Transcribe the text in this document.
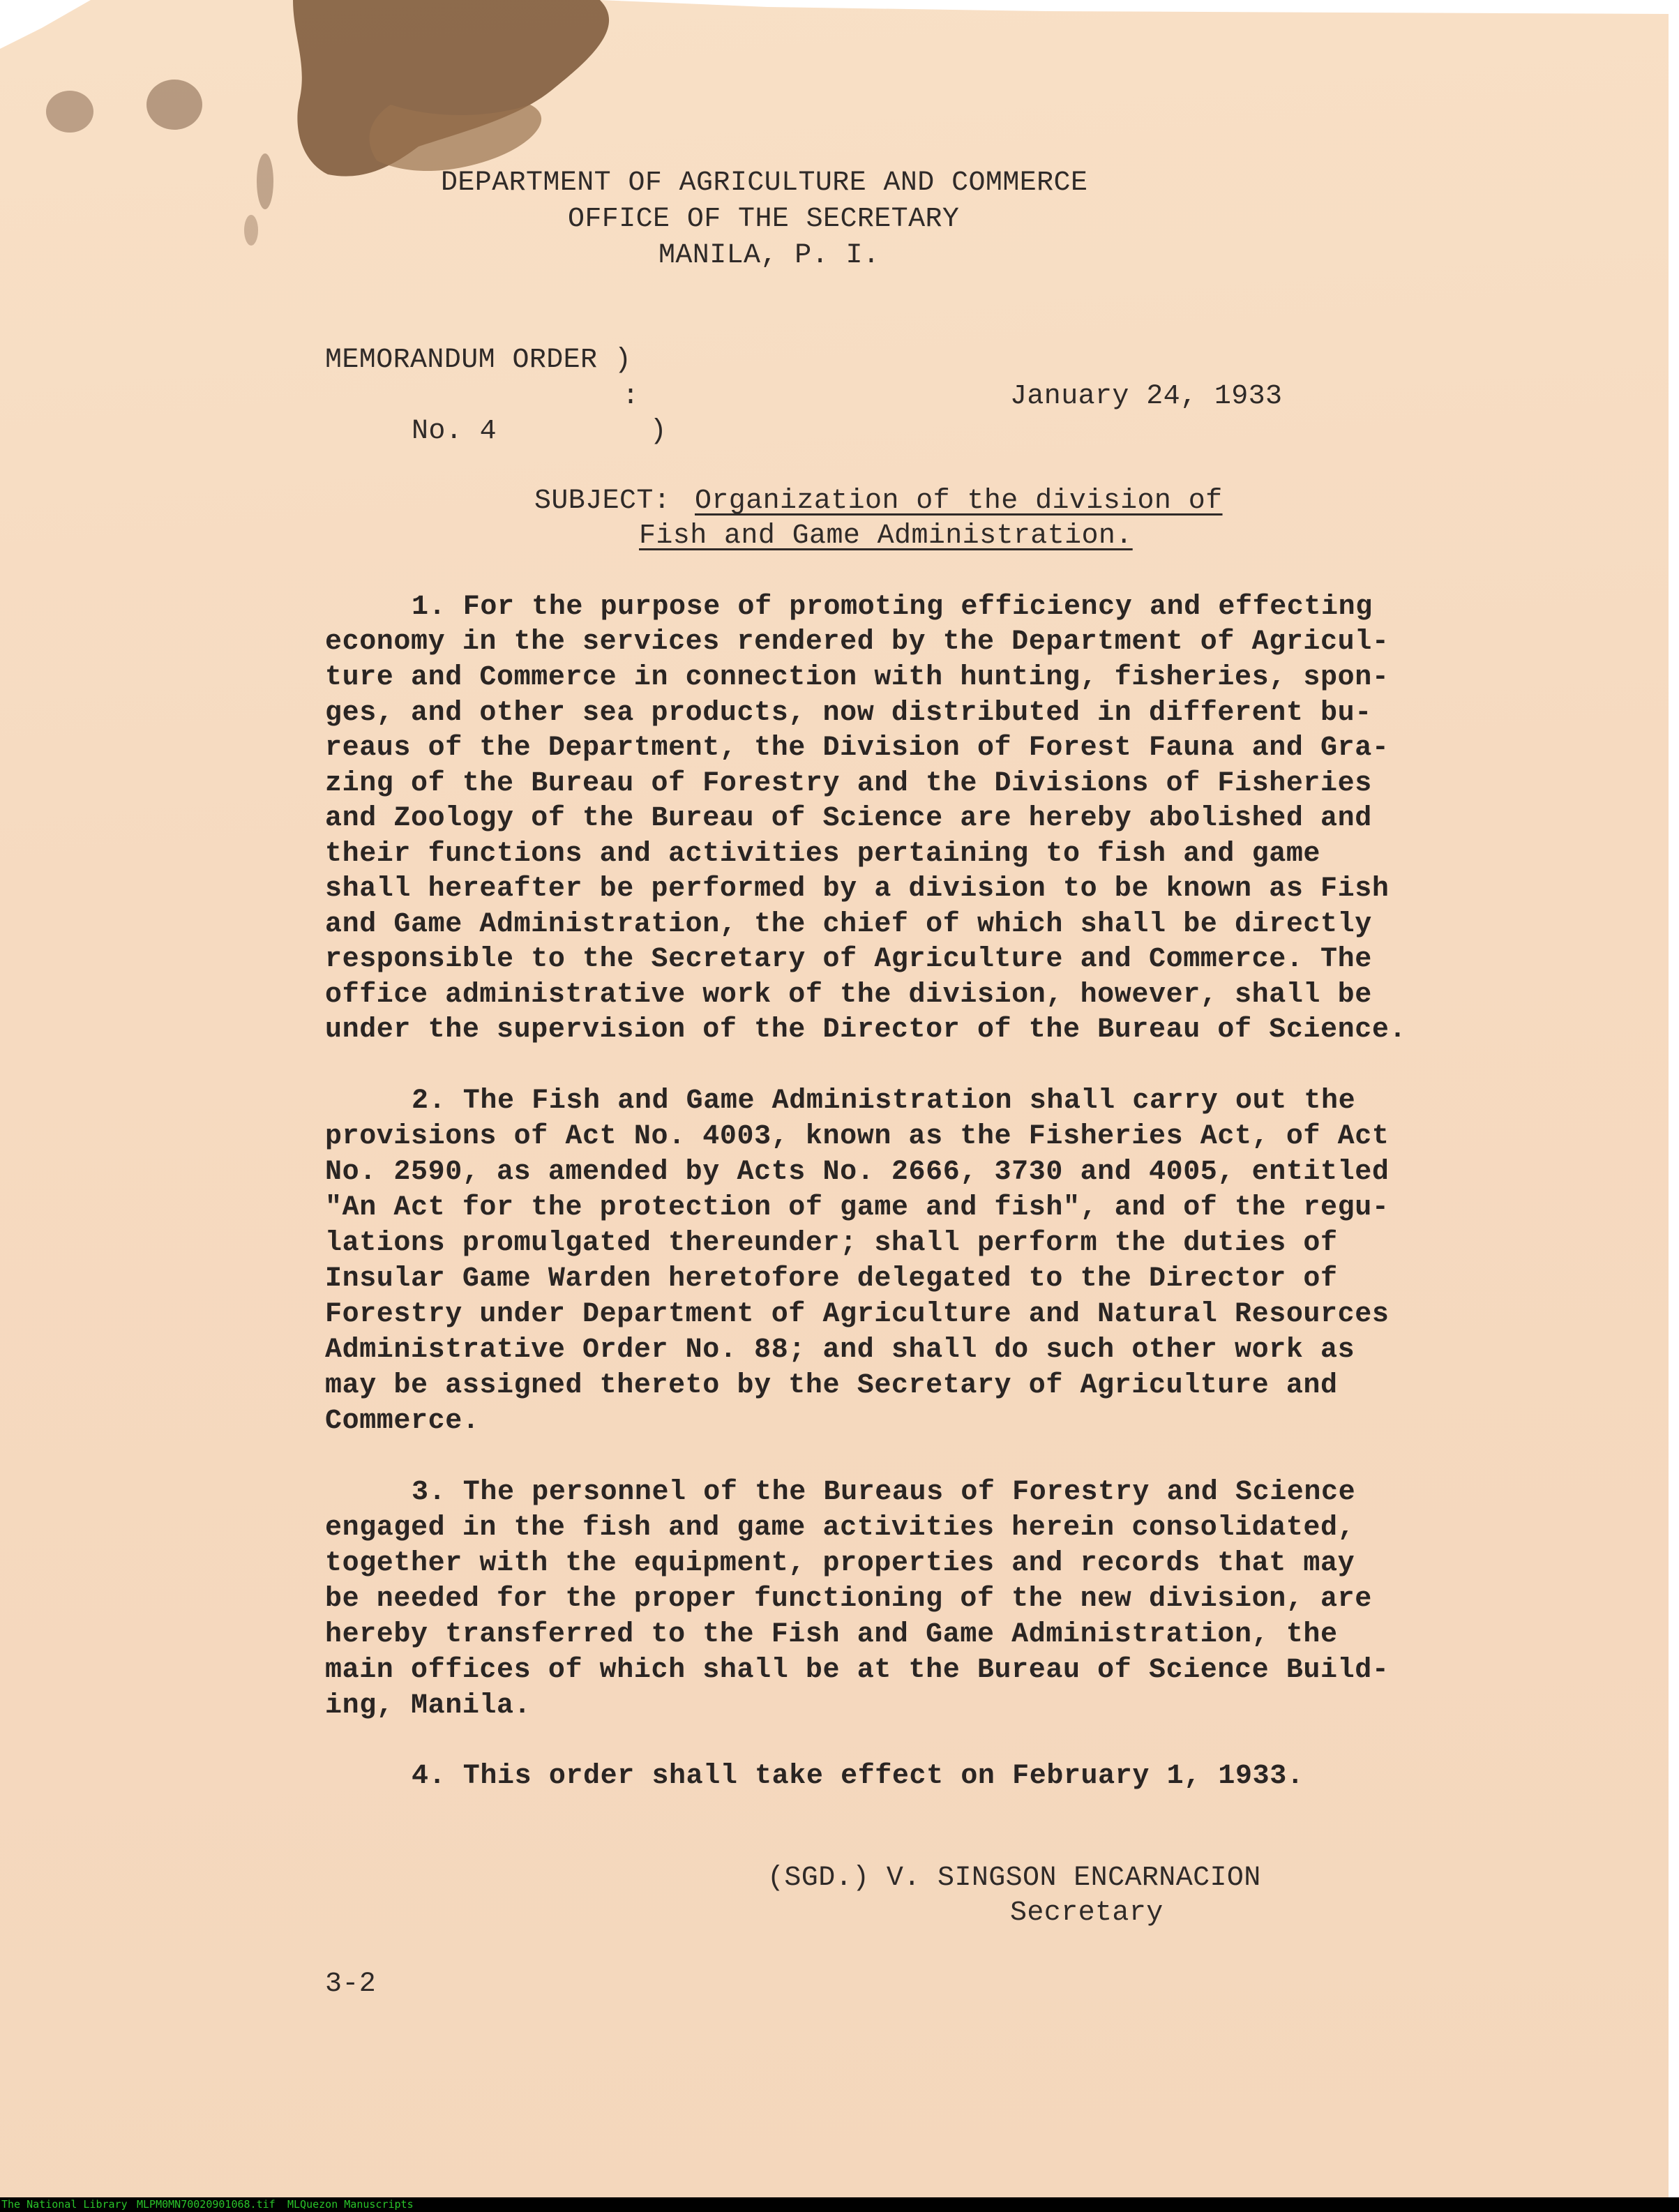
DEPARTMENT OF AGRICULTURE AND COMMERCE
OFFICE OF THE SECRETARY
MANILA, P. I.
MEMORANDUM ORDER )
:
No. 4         )
January 24, 1933
SUBJECT: Organization of the division of
Fish and Game Administration.
1. For the purpose of promoting efficiency and effecting
economy in the services rendered by the Department of Agricul-
ture and Commerce in connection with hunting, fisheries, spon-
ges, and other sea products, now distributed in different bu-
reaus of the Department, the Division of Forest Fauna and Gra-
zing of the Bureau of Forestry and the Divisions of Fisheries
and Zoology of the Bureau of Science are hereby abolished and
their functions and activities pertaining to fish and game
shall hereafter be performed by a division to be known as Fish
and Game Administration, the chief of which shall be directly
responsible to the Secretary of Agriculture and Commerce. The
office administrative work of the division, however, shall be
under the supervision of the Director of the Bureau of Science.
2. The Fish and Game Administration shall carry out the
provisions of Act No. 4003, known as the Fisheries Act, of Act
No. 2590, as amended by Acts No. 2666, 3730 and 4005, entitled
"An Act for the protection of game and fish", and of the regu-
lations promulgated thereunder; shall perform the duties of
Insular Game Warden heretofore delegated to the Director of
Forestry under Department of Agriculture and Natural Resources
Administrative Order No. 88; and shall do such other work as
may be assigned thereto by the Secretary of Agriculture and
Commerce.
3. The personnel of the Bureaus of Forestry and Science
engaged in the fish and game activities herein consolidated,
together with the equipment, properties and records that may
be needed for the proper functioning of the new division, are
hereby transferred to the Fish and Game Administration, the
main offices of which shall be at the Bureau of Science Build-
ing, Manila.
4. This order shall take effect on February 1, 1933.
(SGD.) V. SINGSON ENCARNACION
Secretary
3-2
The National Library MLPM0MN70020901068.tif MLQuezon Manuscripts
